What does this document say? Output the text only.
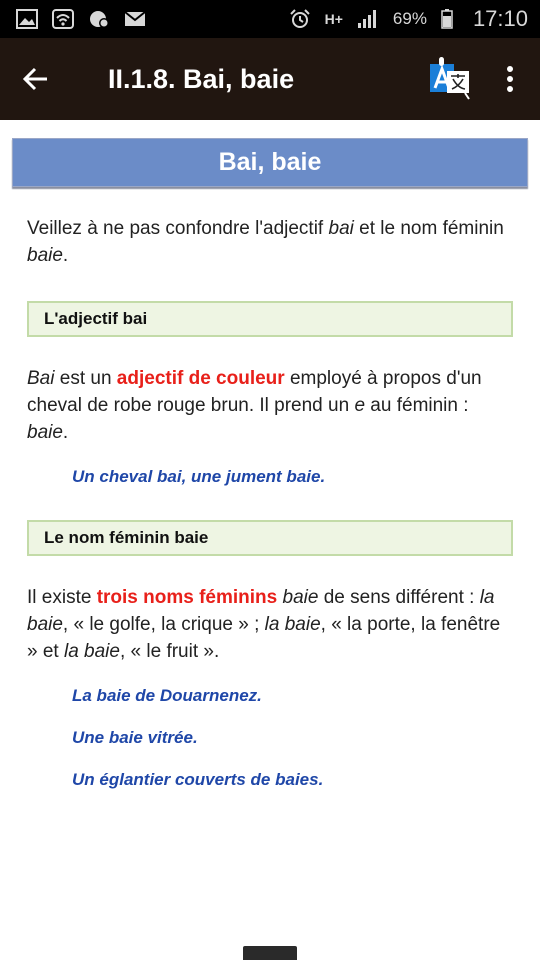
H+	69% 17:10
II.1.8. Bai, baie
Bai, baie

Veillez à ne pas confondre l'adjectif bai et le nom féminin baie.

L'adjectif bai

Bai est un adjectif de couleur employé à propos d'un cheval de robe rouge brun. Il prend un e au féminin : baie.

Un cheval bai, une jument baie.
Le nom féminin baie

Il existe trois noms féminins baie de sens différent : la baie, « le golfe, la crique » ; la baie, « la porte, la fenêtre » et la baie, « le fruit ».

La baie de Douarnenez.
Une baie vitrée.
Un églantier couverts de baies.
